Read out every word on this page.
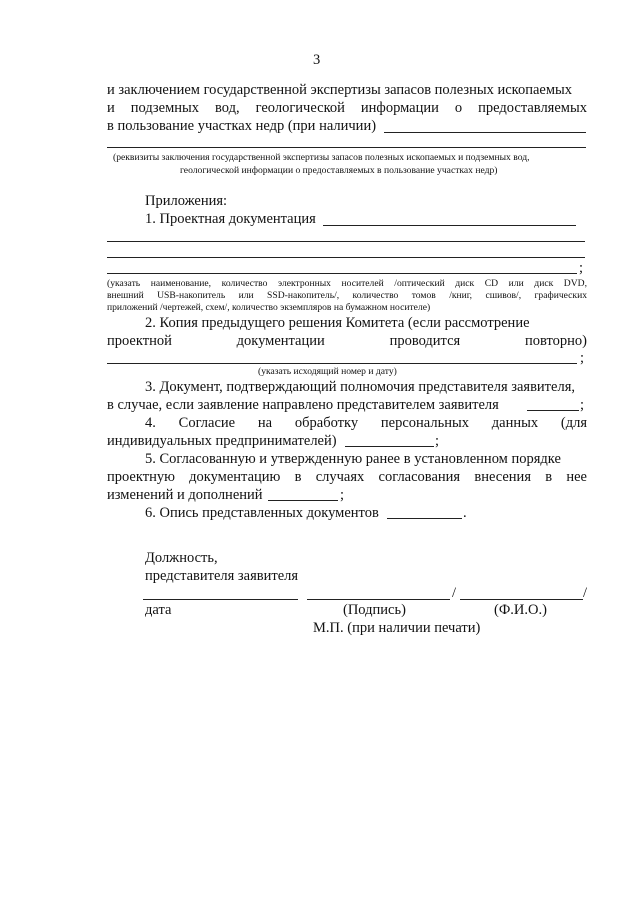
3
и заключением государственной экспертизы запасов полезных ископаемых
и подземных вод, геологической информации о предоставляемых
в пользование участках недр (при наличии)
(реквизиты заключения государственной экспертизы запасов полезных ископаемых и подземных вод,
геологической информации о предоставляемых в пользование участках недр)
Приложения:
1. Проектная документация
;
(указать наименование, количество электронных носителей /оптический диск CD или диск DVD,
внешний USB-накопитель или SSD-накопитель/, количество томов /книг, сшивов/, графических
приложений /чертежей, схем/, количество экземпляров на бумажном носителе)
2. Копия предыдущего решения Комитета (если рассмотрение
проектной	документации	проводится	повторно)
;
(указать исходящий номер и дату)
3. Документ, подтверждающий полномочия представителя заявителя,
в случае, если заявление направлено представителем заявителя	;
4. Согласие на обработку персональных данных (для
индивидуальных предпринимателей)	;
5. Согласованную и утвержденную ранее в установленном порядке
проектную документацию в случаях согласования внесения в нее
изменений и дополнений	;
6. Опись представленных документов	.
Должность,
представителя заявителя
/	/
дата	(Подпись)	(Ф.И.О.)
М.П. (при наличии печати)
